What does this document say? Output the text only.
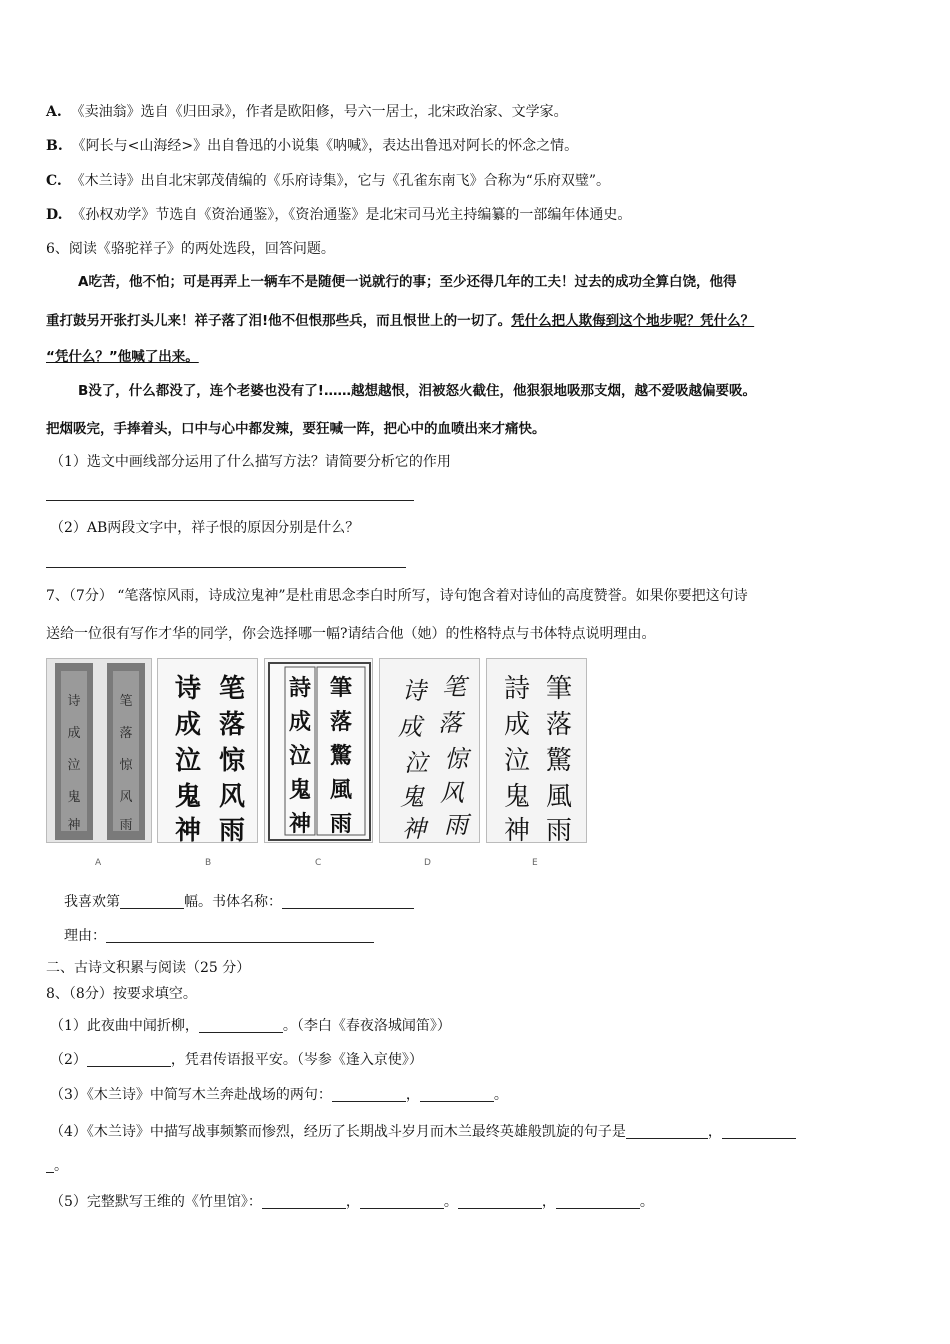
A. 《卖油翁》选自《归田录》，作者是欧阳修，号六一居士，北宋政治家、文学家。
B. 《阿长与<山海经>》出自鲁迅的小说集《呐喊》，表达出鲁迅对阿长的怀念之情。
C. 《木兰诗》出自北宋郭茂倩编的《乐府诗集》，它与《孔雀东南飞》合称为“乐府双璧”。
D. 《孙权劝学》节选自《资治通鉴》，《资治通鉴》是北宋司马光主持编纂的一部编年体通史。
6、阅读《骆驼祥子》的两处选段，回答问题。
A吃苦，他不怕；可是再弄上一辆车不是随便一说就行的事；至少还得几年的工夫！过去的成功全算白饶，他得
重打鼓另开张打头儿来！祥子落了泪!他不但恨那些兵，而且恨世上的一切了。凭什么把人欺侮到这个地步呢？凭什么？
“凭什么？”他喊了出来。
B没了，什么都没了，连个老婆也没有了!……越想越恨，泪被怒火截住，他狠狠地吸那支烟，越不爱吸越偏要吸。
把烟吸完，手捧着头，口中与心中都发辣，要狂喊一阵，把心中的血喷出来才痛快。
（1）选文中画线部分运用了什么描写方法？请简要分析它的作用
（2）AB两段文字中，祥子恨的原因分别是什么？
7、（7分） “笔落惊风雨，诗成泣鬼神”是杜甫思念李白时所写，诗句饱含着对诗仙的高度赞誉。如果你要把这句诗
送给一位很有写作才华的同学，你会选择哪一幅?请结合他（她）的性格特点与书体特点说明理由。
诗
成
泣
鬼
神
笔
落
惊
风
雨
诗
成
泣
鬼
神
笔
落
惊
风
雨
詩
成
泣
鬼
神
筆
落
驚
風
雨
诗
成
泣
鬼
神
笔
落
惊
风
雨
詩
成
泣
鬼
神
筆
落
驚
風
雨
A	B	C	D	E
我喜欢第	幅。书体名称：
理由：
二、古诗文积累与阅读（25 分）
8、（8分）按要求填空。
（1）此夜曲中闻折柳，	。（李白《春夜洛城闻笛》）
（2）	，凭君传语报平安。（岑参《逢入京使》）
（3）《木兰诗》中简写木兰奔赴战场的两句：	，	。
（4）《木兰诗》中描写战事频繁而惨烈，经历了长期战斗岁月而木兰最终英雄般凯旋的句子是	，
。
（5）完整默写王维的《竹里馆》：	，	。	，	。
